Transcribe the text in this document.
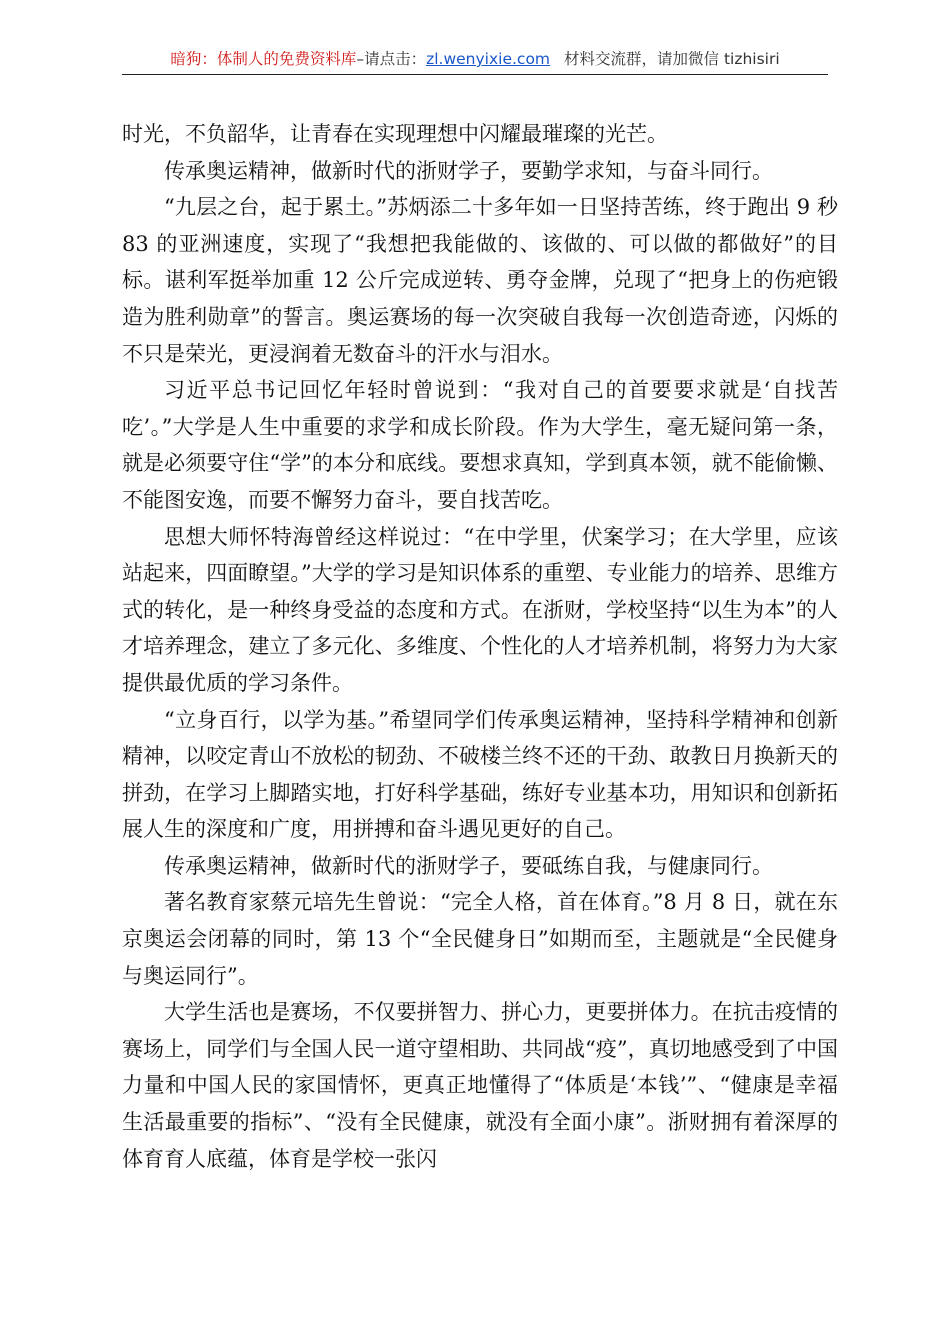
暗狗：体制人的免费资料库–请点击：zl.wenyixie.com 材料交流群，请加微信 tizhisiri

时光，不负韶华，让青春在实现理想中闪耀最璀璨的光芒。

传承奥运精神，做新时代的浙财学子，要勤学求知，与奋斗同行。

“九层之台，起于累土。”苏炳添二十多年如一日坚持苦练，终于跑出 9 秒 83 的亚洲速度，实现了“我想把我能做的、该做的、可以做的都做好”的目标。谌利军挺举加重 12 公斤完成逆转、勇夺金牌，兑现了“把身上的伤疤锻造为胜利勋章”的誓言。奥运赛场的每一次突破自我每一次创造奇迹，闪烁的不只是荣光，更浸润着无数奋斗的汗水与泪水。

习近平总书记回忆年轻时曾说到：“我对自己的首要要求就是‘自找苦吃’。”大学是人生中重要的求学和成长阶段。作为大学生，毫无疑问第一条，就是必须要守住“学”的本分和底线。要想求真知，学到真本领，就不能偷懒、不能图安逸，而要不懈努力奋斗，要自找苦吃。

思想大师怀特海曾经这样说过：“在中学里，伏案学习；在大学里，应该站起来，四面瞭望。”大学的学习是知识体系的重塑、专业能力的培养、思维方式的转化，是一种终身受益的态度和方式。在浙财，学校坚持“以生为本”的人才培养理念，建立了多元化、多维度、个性化的人才培养机制，将努力为大家提供最优质的学习条件。

“立身百行，以学为基。”希望同学们传承奥运精神，坚持科学精神和创新精神，以咬定青山不放松的韧劲、不破楼兰终不还的干劲、敢教日月换新天的拼劲，在学习上脚踏实地，打好科学基础，练好专业基本功，用知识和创新拓展人生的深度和广度，用拼搏和奋斗遇见更好的自己。

传承奥运精神，做新时代的浙财学子，要砥练自我，与健康同行。

著名教育家蔡元培先生曾说：“完全人格，首在体育。”8 月 8 日，就在东京奥运会闭幕的同时，第 13 个“全民健身日”如期而至，主题就是“全民健身与奥运同行”。

大学生活也是赛场，不仅要拼智力、拼心力，更要拼体力。在抗击疫情的赛场上，同学们与全国人民一道守望相助、共同战“疫”，真切地感受到了中国力量和中国人民的家国情怀，更真正地懂得了“体质是‘本钱’”、“健康是幸福生活最重要的指标”、“没有全民健康，就没有全面小康”。浙财拥有着深厚的体育育人底蕴，体育是学校一张闪
